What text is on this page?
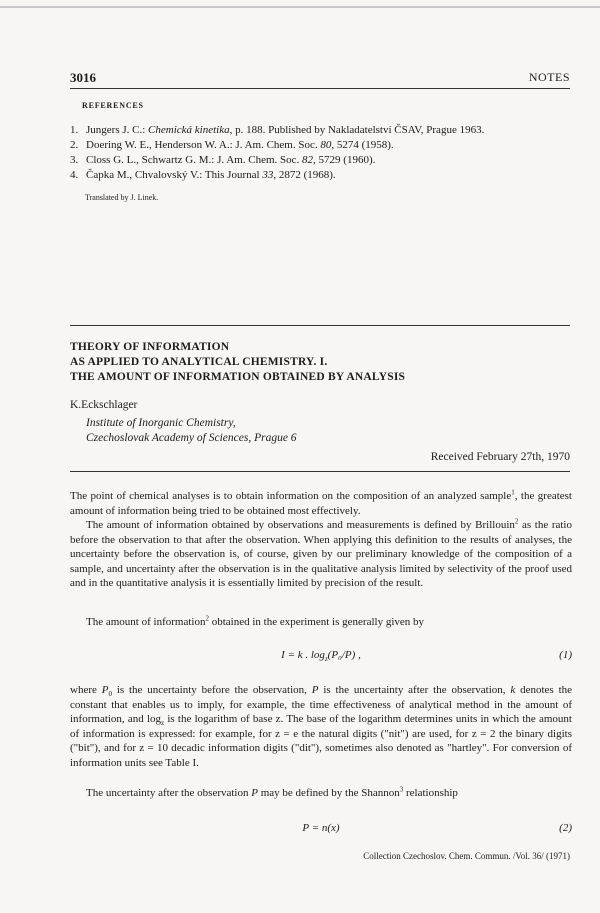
3016	NOTES
REFERENCES
1. Jungers J. C.: Chemická kinetika, p. 188. Published by Nakladatelství ČSAV, Prague 1963.
2. Doering W. E., Henderson W. A.: J. Am. Chem. Soc. 80, 5274 (1958).
3. Closs G. L., Schwartz G. M.: J. Am. Chem. Soc. 82, 5729 (1960).
4. Čapka M., Chvalovský V.: This Journal 33, 2872 (1968).
Translated by J. Linek.
THEORY OF INFORMATION
AS APPLIED TO ANALYTICAL CHEMISTRY. I.
THE AMOUNT OF INFORMATION OBTAINED BY ANALYSIS
K.Eckschlager
Institute of Inorganic Chemistry,
Czechoslovak Academy of Sciences, Prague 6
Received February 27th, 1970

The point of chemical analyses is to obtain information on the composition of an analyzed sample$^1$, the greatest amount of information being tried to be obtained most effectively.

The amount of information obtained by observations and measurements is defined by Brillouin$^2$ as the ratio before the observation to that after the observation. When applying this definition to the results of analyses, the uncertainty before the observation is, of course, given by our preliminary knowledge of the composition of a sample, and uncertainty after the observation is in the qualitative analysis limited by selectivity of the proof used and in the quantitative analysis it is essentially limited by precision of the result.

The amount of information$^2$ obtained in the experiment is generally given by

I = k . $\log_z(P_0/P)$ ,	(1)

where $P_0$ is the uncertainty before the observation, P is the uncertainty after the observation, k denotes the constant that enables us to imply, for example, the time effectiveness of analytical method in the amount of information, and $\log_z$ is the logarithm of base z. The base of the logarithm determines units in which the amount of information is expressed: for example, for z = e the natural digits ("nit") are used, for z = 2 the binary digits ("bit"), and for z = 10 decadic information digits ("dit"), sometimes also denoted as "hartley". For conversion of information units see Table I.

The uncertainty after the observation P may be defined by the Shannon$^3$ relationship

P = n(x)	(2)
Collection Czechoslov. Chem. Commun. /Vol. 36/ (1971)
